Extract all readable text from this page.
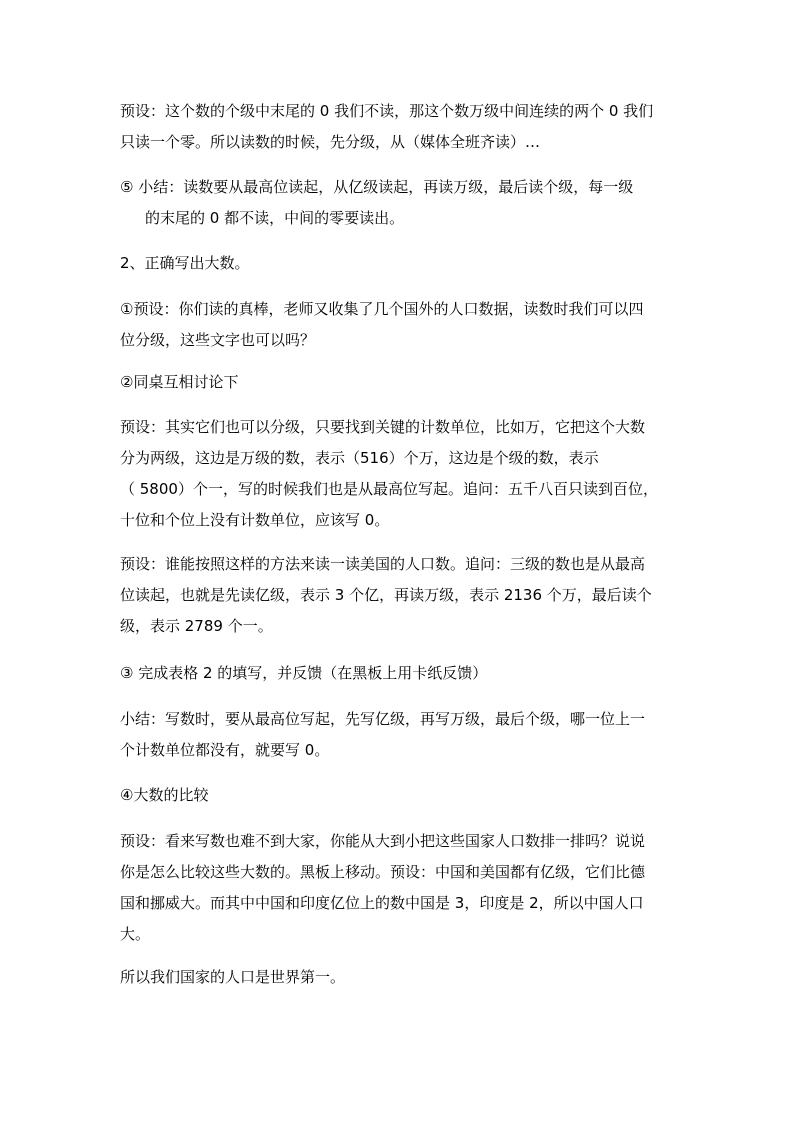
预设：这个数的个级中末尾的 0 我们不读，那这个数万级中间连续的两个 0 我们
只读一个零。所以读数的时候，先分级，从（媒体全班齐读）…
⑤ 小结：读数要从最高位读起，从亿级读起，再读万级，最后读个级，每一级
的末尾的 0 都不读，中间的零要读出。
2、正确写出大数。
①预设：你们读的真棒，老师又收集了几个国外的人口数据，读数时我们可以四
位分级，这些文字也可以吗？
②同桌互相讨论下
预设：其实它们也可以分级，只要找到关键的计数单位，比如万，它把这个大数
分为两级，这边是万级的数，表示（516）个万，这边是个级的数，表示
（ 5800）个一，写的时候我们也是从最高位写起。追问：五千八百只读到百位，
十位和个位上没有计数单位，应该写 0。
预设：谁能按照这样的方法来读一读美国的人口数。追问：三级的数也是从最高
位读起，也就是先读亿级，表示 3 个亿，再读万级，表示 2136 个万，最后读个
级，表示 2789 个一。
③ 完成表格 2 的填写，并反馈（在黑板上用卡纸反馈）
小结：写数时，要从最高位写起，先写亿级，再写万级，最后个级，哪一位上一
个计数单位都没有，就要写 0。
④大数的比较
预设：看来写数也难不到大家，你能从大到小把这些国家人口数排一排吗？说说
你是怎么比较这些大数的。黑板上移动。预设：中国和美国都有亿级，它们比德
国和挪威大。而其中中国和印度亿位上的数中国是 3，印度是 2，所以中国人口
大。
所以我们国家的人口是世界第一。
